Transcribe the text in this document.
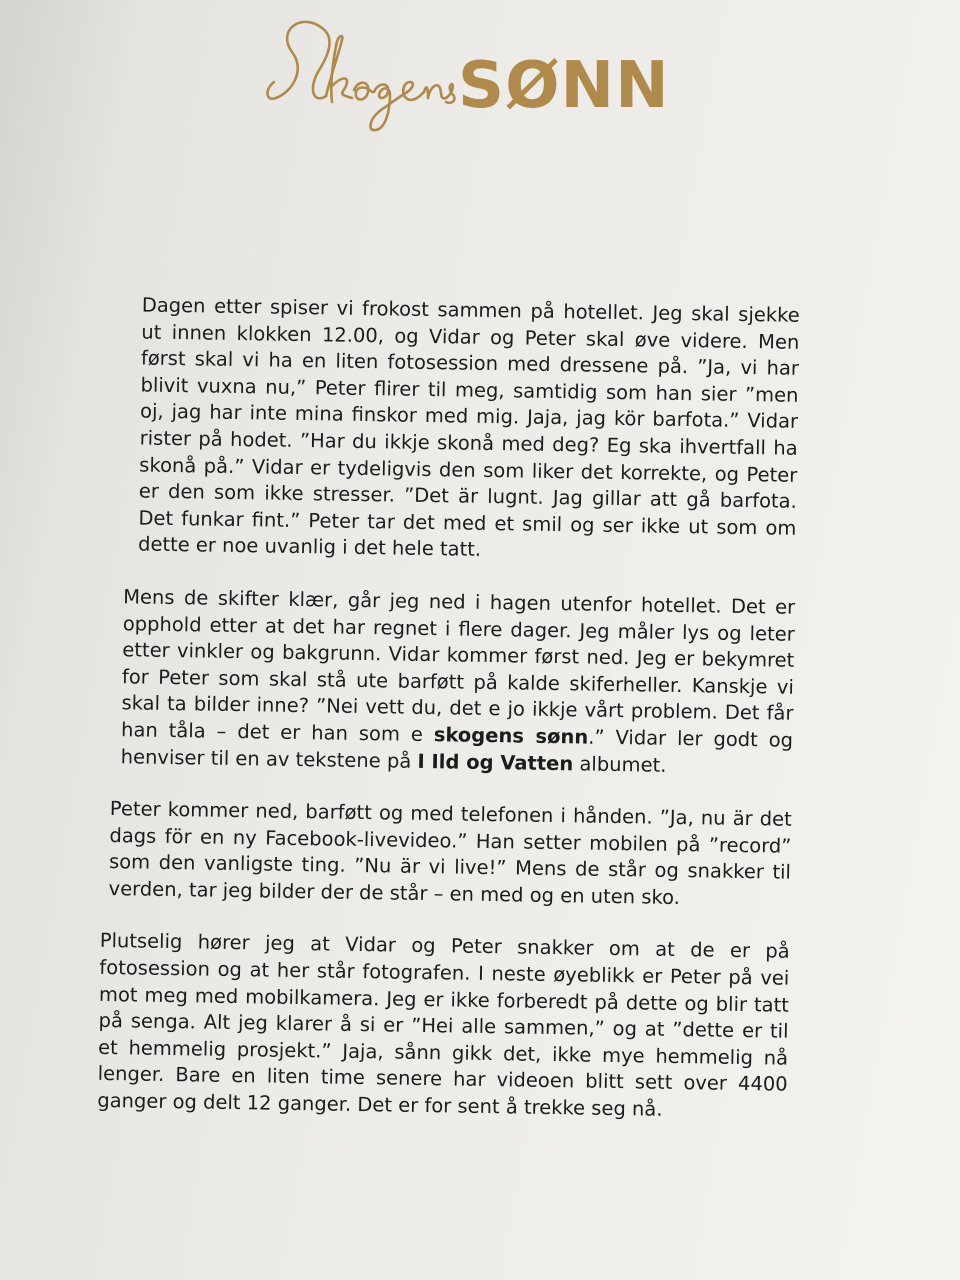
SØNN

Dagen etter spiser vi frokost sammen på hotellet. Jeg skal sjekke ut innen klokken 12.00, og Vidar og Peter skal øve videre. Men først skal vi ha en liten fotosession med dressene på. ”Ja, vi har blivit vuxna nu,” Peter flirer til meg, samtidig som han sier ”men oj, jag har inte mina finskor med mig. Jaja, jag kör barfota.” Vidar rister på hodet. ”Har du ikkje skonå med deg? Eg ska ihvertfall ha skonå på.” Vidar er tydeligvis den som liker det korrekte, og Peter er den som ikke stresser. ”Det är lugnt. Jag gillar att gå barfota. Det funkar fint.” Peter tar det med et smil og ser ikke ut som om dette er noe uvanlig i det hele tatt.

Mens de skifter klær, går jeg ned i hagen utenfor hotellet. Det er opphold etter at det har regnet i flere dager. Jeg måler lys og leter etter vinkler og bakgrunn. Vidar kommer først ned. Jeg er bekymret for Peter som skal stå ute barføtt på kalde skiferheller. Kanskje vi skal ta bilder inne? ”Nei vett du, det e jo ikkje vårt problem. Det får han tåla – det er han som e skogens sønn.” Vidar ler godt og henviser til en av tekstene på I Ild og Vatten albumet.

Peter kommer ned, barføtt og med telefonen i hånden. ”Ja, nu är det dags för en ny Facebook-livevideo.” Han setter mobilen på ”record” som den vanligste ting. ”Nu är vi live!” Mens de står og snakker til verden, tar jeg bilder der de står – en med og en uten sko.

Plutselig hører jeg at Vidar og Peter snakker om at de er på fotosession og at her står fotografen. I neste øyeblikk er Peter på vei mot meg med mobilkamera. Jeg er ikke forberedt på dette og blir tatt på senga. Alt jeg klarer å si er ”Hei alle sammen,” og at ”dette er til et hemmelig prosjekt.” Jaja, sånn gikk det, ikke mye hemmelig nå lenger. Bare en liten time senere har videoen blitt sett over 4400 ganger og delt 12 ganger. Det er for sent å trekke seg nå.
